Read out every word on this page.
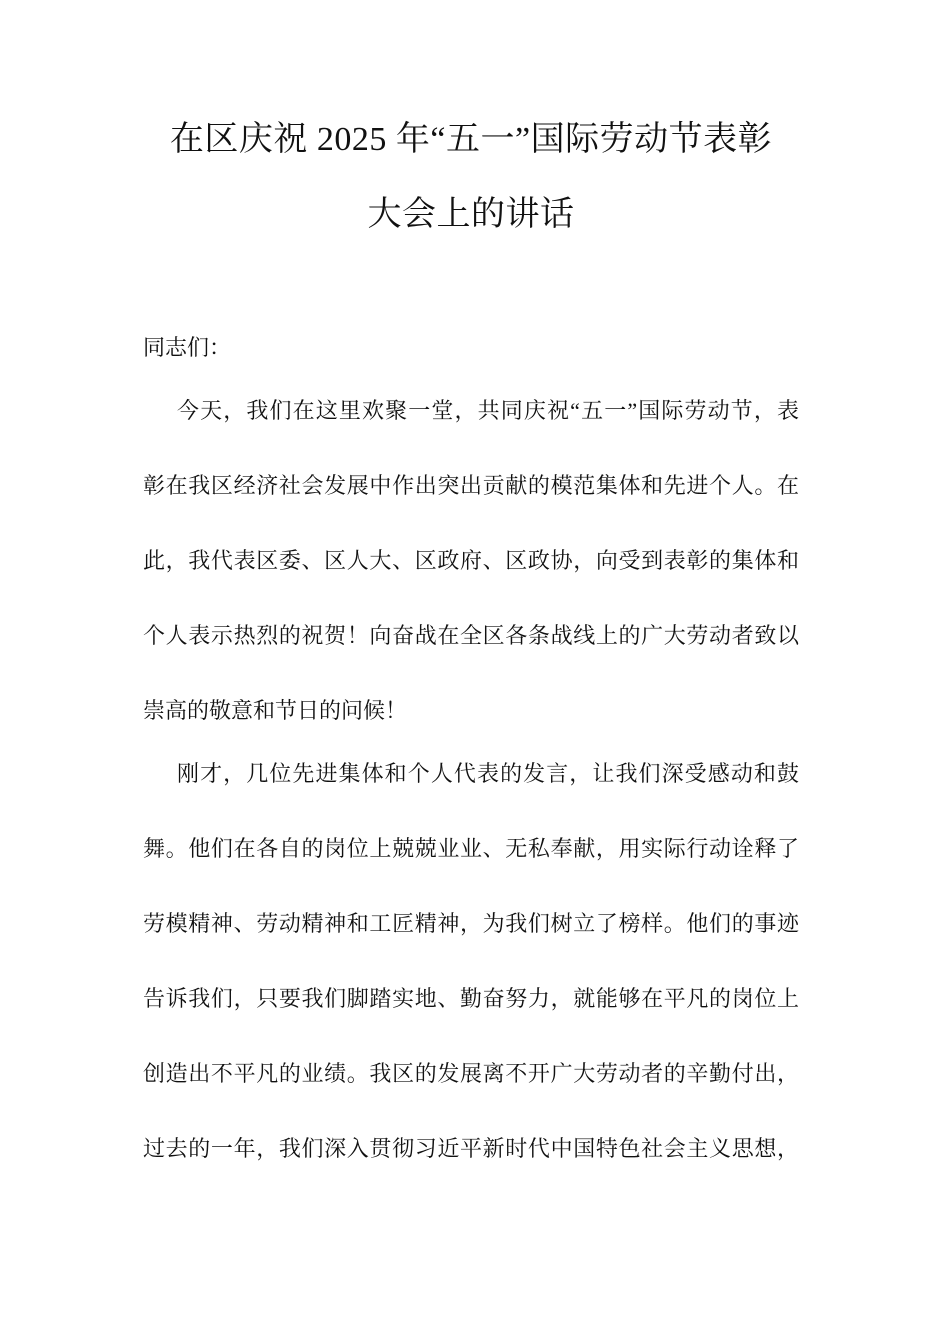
在区庆祝 2025 年“五一”国际劳动节表彰
大会上的讲话
同志们：
今天，我们在这里欢聚一堂，共同庆祝“五一”国际劳动节，表
彰在我区经济社会发展中作出突出贡献的模范集体和先进个人。在
此，我代表区委、区人大、区政府、区政协，向受到表彰的集体和
个人表示热烈的祝贺！向奋战在全区各条战线上的广大劳动者致以
崇高的敬意和节日的问候！
刚才，几位先进集体和个人代表的发言，让我们深受感动和鼓
舞。他们在各自的岗位上兢兢业业、无私奉献，用实际行动诠释了
劳模精神、劳动精神和工匠精神，为我们树立了榜样。他们的事迹
告诉我们，只要我们脚踏实地、勤奋努力，就能够在平凡的岗位上
创造出不平凡的业绩。我区的发展离不开广大劳动者的辛勤付出，
过去的一年，我们深入贯彻习近平新时代中国特色社会主义思想，
